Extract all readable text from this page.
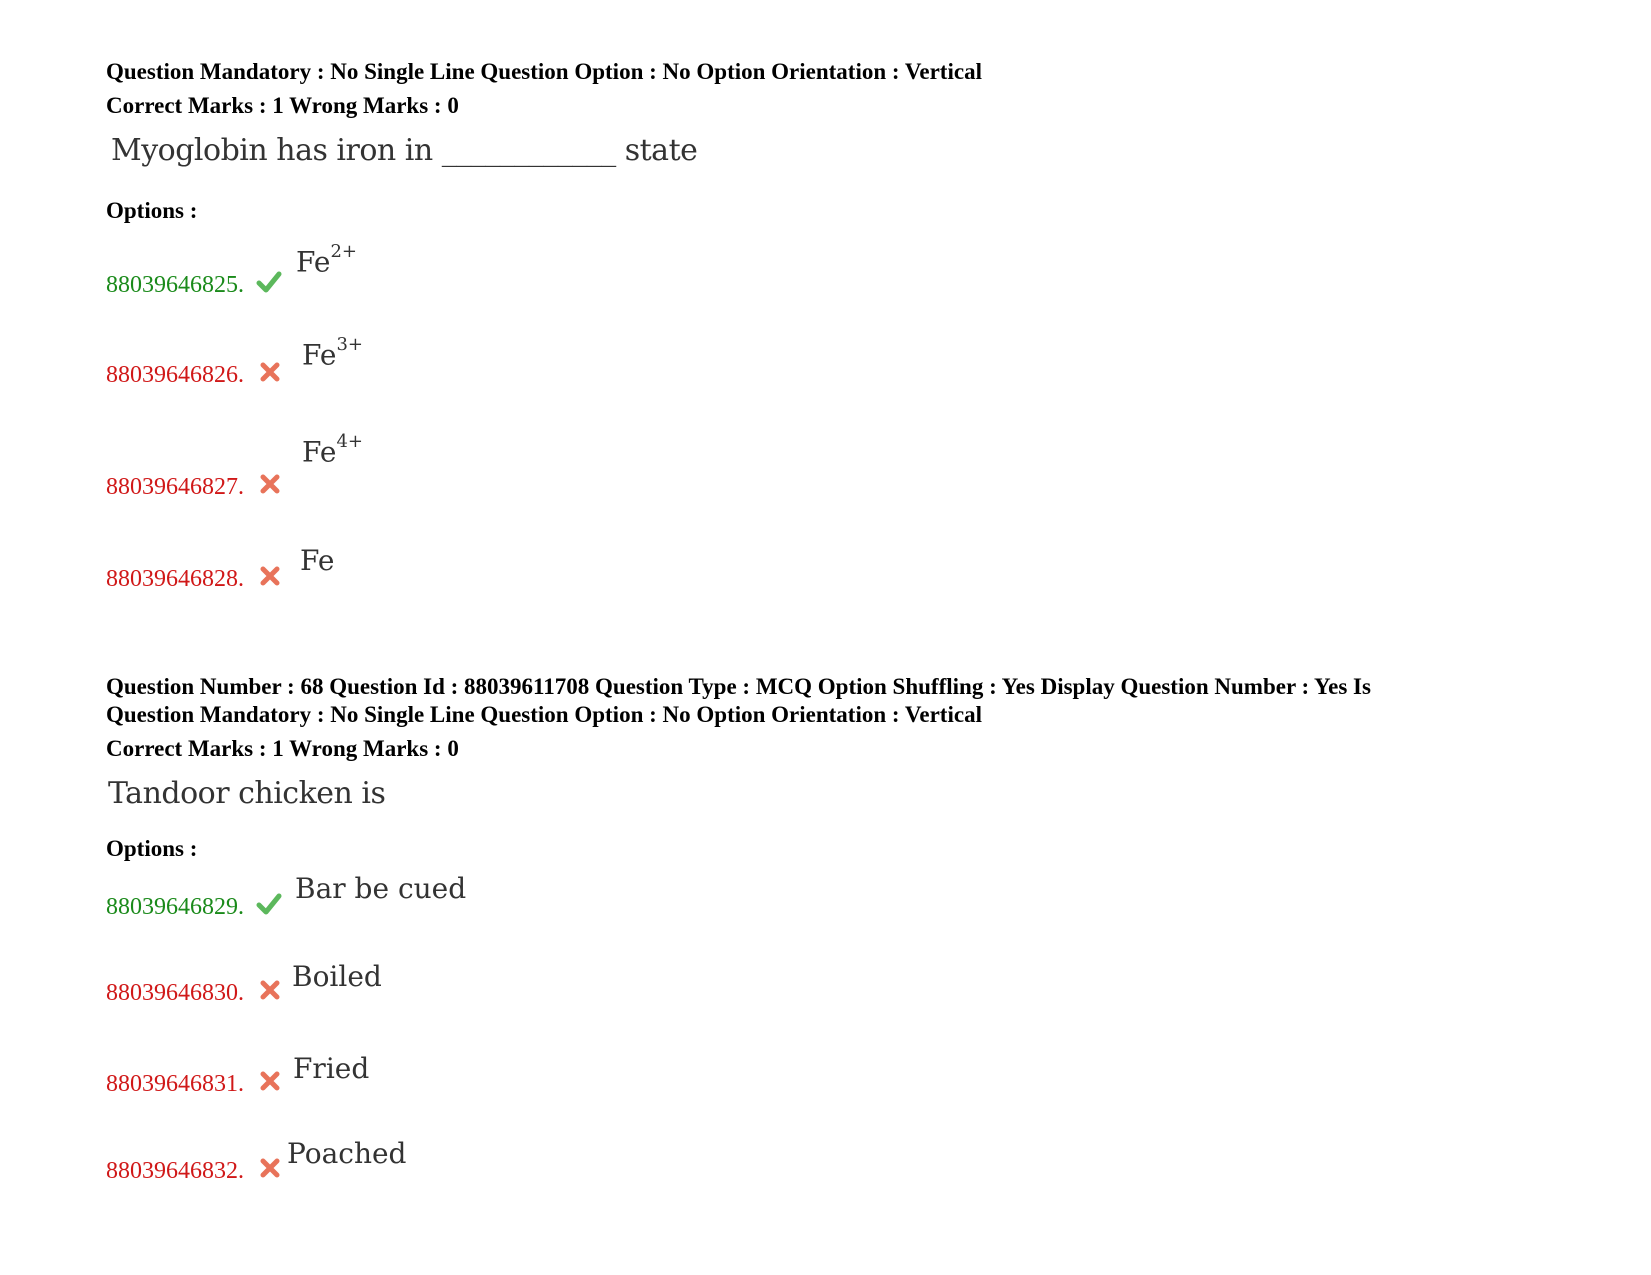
Question Mandatory : No Single Line Question Option : No Option Orientation : Vertical
Correct Marks : 1 Wrong Marks : 0
Myoglobin has iron in ____________ state
Options :
88039646825.
$Fe^{2+}$
88039646826.
$Fe^{3+}$
88039646827.
$Fe^{4+}$
88039646828.
Fe
Question Number : 68 Question Id : 88039611708 Question Type : MCQ Option Shuffling : Yes Display Question Number : Yes Is
Question Mandatory : No Single Line Question Option : No Option Orientation : Vertical
Correct Marks : 1 Wrong Marks : 0
Tandoor chicken is
Options :
88039646829.
Bar be cued
88039646830. Boiled
88039646831. Fried
88039646832.
Poached
